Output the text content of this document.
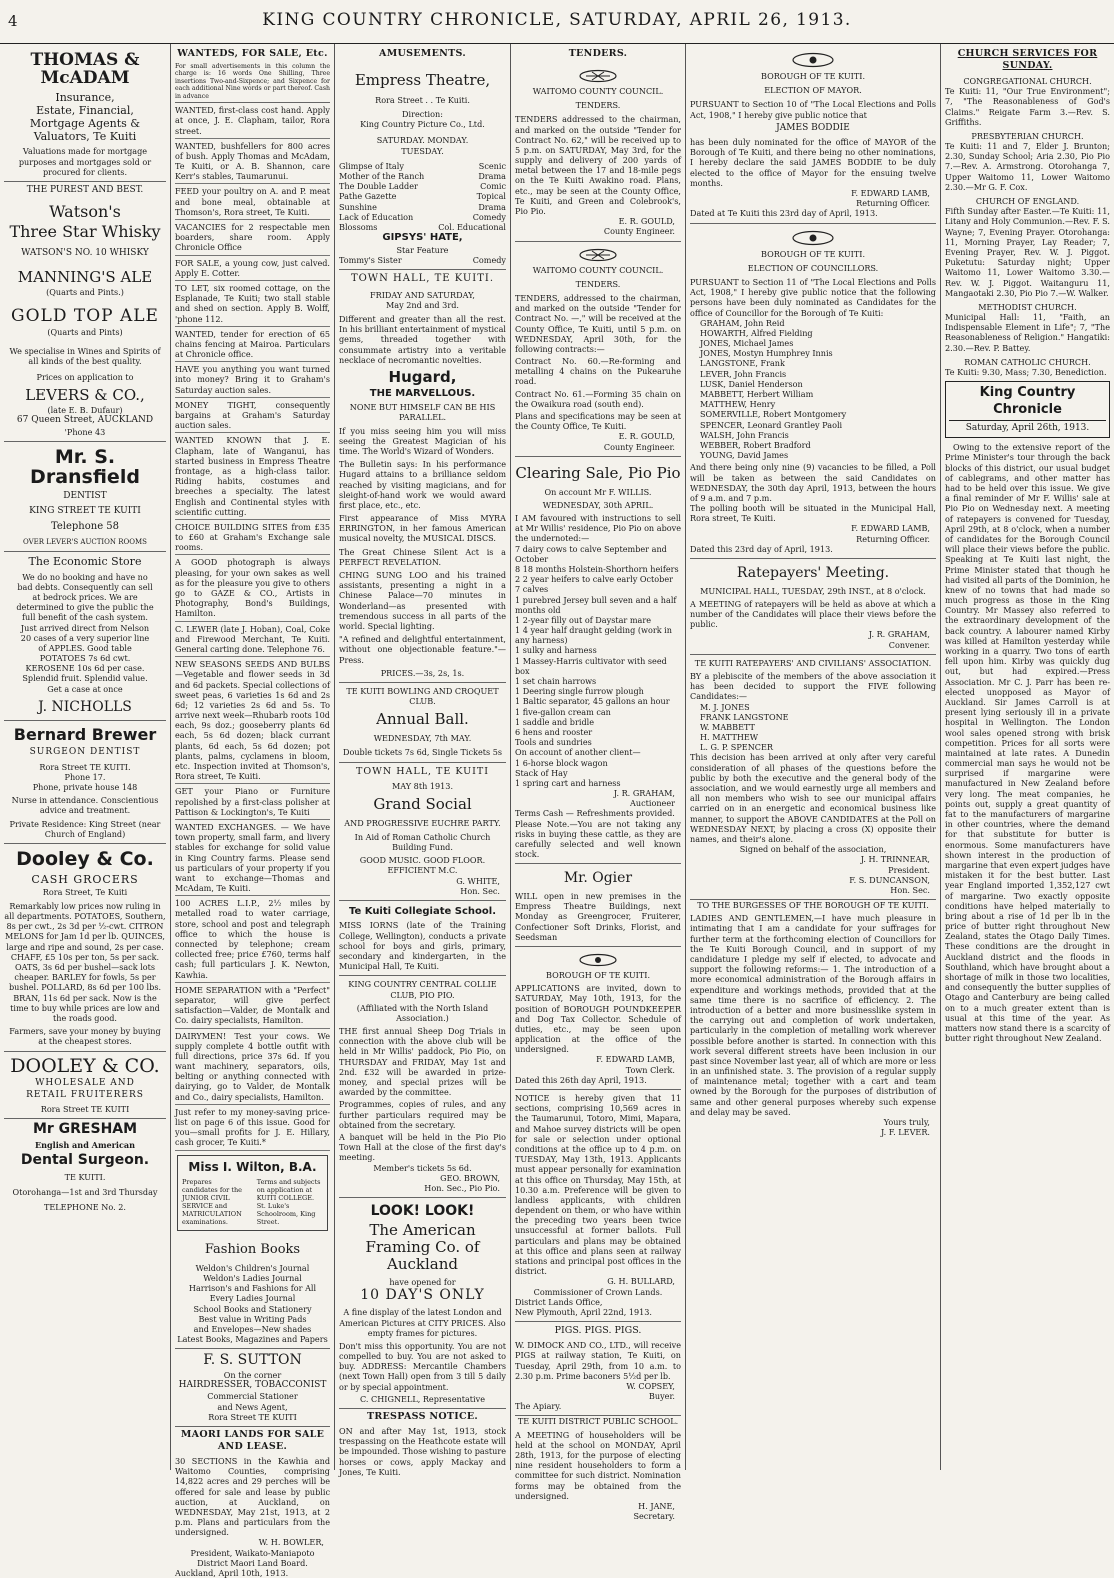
4	KING COUNTRY CHRONICLE, SATURDAY, APRIL 26, 1913.
THOMAS & McADAM
Insurance,
Estate, Financial,
Mortgage Agents &
Valuators, Te Kuiti
Valuations made for mortgage purposes and mortgages sold or procured for clients.
THE PUREST AND BEST.
Watson's
Three Star Whisky
WATSON'S NO. 10 WHISKY
MANNING'S ALE
(Quarts and Pints.)
GOLD TOP ALE
(Quarts and Pints)
We specialise in Wines and Spirits of all kinds of the best quality.
Prices on application to
LEVERS & CO.,
(late E. B. Dufaur)
67 Queen Street, AUCKLAND
'Phone 43
Mr. S. Dransfield
DENTIST
KING STREET TE KUITI
Telephone 58
OVER LEVER'S AUCTION ROOMS
The Economic Store
We do no booking and have no bad debts. Consequently can sell at bedrock prices. We are determined to give the public the full benefit of the cash system. Just arrived direct from Nelson 20 cases of a very superior line of APPLES. Good table POTATOES 7s 6d cwt. KEROSENE 10s 6d per case. Splendid fruit. Splendid value. Get a case at once
J. NICHOLLS
Bernard Brewer
SURGEON DENTIST
Rora Street TE KUITI.
Phone 17.
Phone, private house 148
Nurse in attendance. Conscientious advice and treatment.
Private Residence: King Street (near Church of England)
Dooley & Co.
CASH GROCERS
Rora Street, Te Kuiti
Remarkably low prices now ruling in all departments. POTATOES, Southern, 8s per cwt., 2s 3d per ½-cwt. CITRON MELONS for Jam 1d per lb. QUINCES, large and ripe and sound, 2s per case. CHAFF, £5 10s per ton, 5s per sack. OATS, 3s 6d per bushel—sack lots cheaper. BARLEY for fowls, 5s per bushel. POLLARD, 8s 6d per 100 lbs. BRAN, 11s 6d per sack. Now is the time to buy while prices are low and the roads good.
Farmers, save your money by buying at the cheapest stores.
DOOLEY & CO.
WHOLESALE AND
RETAIL FRUITERERS
Rora Street TE KUITI
Mr GRESHAM
English and American
Dental Surgeon.
TE KUITI.
Otorohanga—1st and 3rd Thursday
TELEPHONE No. 2.
WANTEDS, FOR SALE, Etc.
For small advertisements in this column the charge is: 16 words One Shilling, Three insertions Two-and-Sixpence; and Sixpence for each additional Nine words or part thereof. Cash in advance
WANTED, first-class cost hand. Apply at once, J. E. Clapham, tailor, Rora street.
WANTED, bushfellers for 800 acres of bush. Apply Thomas and McAdam, Te Kuiti, or A. B. Shannon, care Kerr's stables, Taumarunui.
FEED your poultry on A. and P. meat and bone meal, obtainable at Thomson's, Rora street, Te Kuiti.
VACANCIES for 2 respectable men boarders, share room. Apply Chronicle Office
FOR SALE, a young cow, just calved. Apply E. Cotter.
TO LET, six roomed cottage, on the Esplanade, Te Kuiti; two stall stable and shed on section. Apply B. Wolff, 'phone 112.
WANTED, tender for erection of 65 chains fencing at Mairoa. Particulars at Chronicle office.
HAVE you anything you want turned into money? Bring it to Graham's Saturday auction sales.
MONEY TIGHT, consequently bargains at Graham's Saturday auction sales.
WANTED KNOWN that J. E. Clapham, late of Wanganui, has started business in Empress Theatre frontage, as a high-class tailor. Riding habits, costumes and breeches a specialty. The latest English and Continental styles with scientific cutting.
CHOICE BUILDING SITES from £35 to £60 at Graham's Exchange sale rooms.
A GOOD photograph is always pleasing, for your own sakes as well as for the pleasure you give to others go to GAZE & CO., Artists in Photography, Bond's Buildings, Hamilton.
C. LEWER (late J. Hoban), Coal, Coke and Firewood Merchant, Te Kuiti. General carting done. Telephone 76.
NEW SEASONS SEEDS AND BULBS—Vegetable and flower seeds in 3d and 6d packets. Special collections of sweet peas, 6 varieties 1s 6d and 2s 6d; 12 varieties 2s 6d and 5s. To arrive next week—Rhubarb roots 10d each, 9s doz.; gooseberry plants 6d each, 5s 6d dozen; black currant plants, 6d each, 5s 6d dozen; pot plants, palms, cyclamens in bloom, etc. Inspection invited at Thomson's, Rora street, Te Kuiti.
GET your Piano or Furniture repolished by a first-class polisher at Pattison & Lockington's, Te Kuiti
WANTED EXCHANGES. — We have town property, small farm, and livery stables for exchange for solid value in King Country farms. Please send us particulars of your property if you want to exchange—Thomas and McAdam, Te Kuiti.
100 ACRES L.I.P., 2½ miles by metalled road to water carriage, store, school and post and telegraph office to which the house is connected by telephone; cream collected free; price £760, terms half cash; full particulars J. K. Newton, Kawhia.
HOME SEPARATION with a "Perfect" separator, will give perfect satisfaction—Valder, de Montalk and Co. dairy specialists, Hamilton.
DAIRYMEN! Test your cows. We supply complete 4 bottle outfit with full directions, price 37s 6d. If you want machinery, separators, oils, belting or anything connected with dairying, go to Valder, de Montalk and Co., dairy specialists, Hamilton.
Just refer to my money-saving price-list on page 6 of this issue. Good for you—small profits for J. E. Hillary, cash grocer, Te Kuiti.*
Miss I. Wilton, B.A.
Prepares candidates for the JUNIOR CIVIL SERVICE and MATRICULATION examinations.
Terms and subjects on application at KUITI COLLEGE. St. Luke's Schoolroom, King Street.
Fashion Books
Weldon's Children's Journal
Weldon's Ladies Journal
Harrison's and Fashions for All
Every Ladies Journal
School Books and Stationery
Best value in Writing Pads
and Envelopes—New shades
Latest Books, Magazines and Papers
F. S. SUTTON
On the corner
HAIRDRESSER, TOBACCONIST
Commercial Stationer
and News Agent,
Rora Street TE KUITI
MAORI LANDS FOR SALE AND LEASE.
30 SECTIONS in the Kawhia and Waitomo Counties, comprising 14,822 acres and 29 perches will be offered for sale and lease by public auction, at Auckland, on WEDNESDAY, May 21st, 1913, at 2 p.m. Plans and particulars from the undersigned.
W. H. BOWLER,
President, Waikato-Maniapoto District Maori Land Board.
Auckland, April 10th, 1913.
AMUSEMENTS.
Empress Theatre,
Rora Street . . Te Kuiti.
Direction:
King Country Picture Co., Ltd.
SATURDAY. MONDAY.
TUESDAY.
Glimpse of Italy	Scenic
Mother of the Ranch	Drama
The Double Ladder	Comic
Pathe Gazette	Topical
Sunshine	Drama
Lack of Education	Comedy
Blossoms	Col. Educational
GIPSYS' HATE,
Star Feature
Tommy's Sister	Comedy
TOWN HALL, TE KUITI.
FRIDAY AND SATURDAY,
May 2nd and 3rd.
Different and greater than all the rest. In his brilliant entertainment of mystical gems, threaded together with consummate artistry into a veritable necklace of necromantic novelties.
Hugard,
THE MARVELLOUS.
NONE BUT HIMSELF CAN BE HIS PARALLEL.
If you miss seeing him you will miss seeing the Greatest Magician of his time. The World's Wizard of Wonders.
The Bulletin says: In his performance Hugard attains to a brilliance seldom reached by visiting magicians, and for sleight-of-hand work we would award first place, etc., etc.
First appearance of Miss MYRA ERRINGTON, in her famous American musical novelty, the MUSICAL DISCS.
The Great Chinese Silent Act is a PERFECT REVELATION.
CHING SUNG LOO and his trained assistants, presenting a night in a Chinese Palace—70 minutes in Wonderland—as presented with tremendous success in all parts of the world. Special lighting.
"A refined and delightful entertainment, without one objectionable feature."—Press.
PRICES.—3s, 2s, 1s.
TE KUITI BOWLING AND CROQUET CLUB.
Annual Ball.
WEDNESDAY, 7th MAY.
Double tickets 7s 6d, Single Tickets 5s
TOWN HALL, TE KUITI
MAY 8th 1913.
Grand Social
AND PROGRESSIVE EUCHRE PARTY.
In Aid of Roman Catholic Church Building Fund.
GOOD MUSIC. GOOD FLOOR.
EFFICIENT M.C.
G. WHITE,
Hon. Sec.
Te Kuiti Collegiate School.
MISS IORNS (late of the Training College, Wellington), conducts a private school for boys and girls, primary, secondary and kindergarten, in the Municipal Hall, Te Kuiti.
KING COUNTRY CENTRAL COLLIE CLUB, PIO PIO.
(Affiliated with the North Island Association.)
THE first annual Sheep Dog Trials in connection with the above club will be held in Mr Willis' paddock, Pio Pio, on THURSDAY and FRIDAY, May 1st and 2nd. £32 will be awarded in prize-money, and special prizes will be awarded by the committee.
Programmes, copies of rules, and any further particulars required may be obtained from the secretary.
A banquet will be held in the Pio Pio Town Hall at the close of the first day's meeting.
Member's tickets 5s 6d.
GEO. BROWN,
Hon. Sec., Pio Pio.
LOOK! LOOK!
The American Framing Co. of Auckland
have opened for
10 DAY'S ONLY
A fine display of the latest London and American Pictures at CITY PRICES. Also empty frames for pictures.
Don't miss this opportunity. You are not compelled to buy. You are not asked to buy. ADDRESS: Mercantile Chambers (next Town Hall) open from 3 till 5 daily or by special appointment.
C. CHIGNELL, Representative
TRESPASS NOTICE.
ON and after May 1st, 1913, stock trespassing on the Heathcote estate will be impounded. Those wishing to pasture horses or cows, apply Mackay and Jones, Te Kuiti.
TENDERS.
WAITOMO COUNTY COUNCIL.
TENDERS.
TENDERS addressed to the chairman, and marked on the outside "Tender for Contract No. 62," will be received up to 5 p.m. on SATURDAY, May 3rd, for the supply and delivery of 200 yards of metal between the 17 and 18-mile pegs on the Te Kuiti Awakino road. Plans, etc., may be seen at the County Office, Te Kuiti, and Green and Colebrook's, Pio Pio.
E. R. GOULD,
County Engineer.
WAITOMO COUNTY COUNCIL.
TENDERS.
TENDERS, addressed to the chairman, and marked on the outside "Tender for Contract No. —," will be received at the County Office, Te Kuiti, until 5 p.m. on WEDNESDAY, April 30th, for the following contracts:—
Contract No. 60.—Re-forming and metalling 4 chains on the Pukearuhe road.
Contract No. 61.—Forming 35 chain on the Owaikura road (south end).
Plans and specifications may be seen at the County Office, Te Kuiti.
E. R. GOULD,
County Engineer.
Clearing Sale, Pio Pio
On account Mr F. WILLIS.
WEDNESDAY, 30th APRIL.
I AM favoured with instructions to sell at Mr Willis' residence, Pio Pio on above the undernoted:—
7 dairy cows to calve September and October
8 18 months Holstein-Shorthorn heifers
2 2 year heifers to calve early October
7 calves
1 purebred Jersey bull seven and a half months old
1 2-year filly out of Daystar mare
1 4 year half draught gelding (work in any harness)
1 sulky and harness
1 Massey-Harris cultivator with seed box
1 set chain harrows
1 Deering single furrow plough
1 Baltic separator, 45 gallons an hour
1 five-gallon cream can
1 saddle and bridle
6 hens and rooster
Tools and sundries
On account of another client—
1 6-horse block wagon
Stack of Hay
1 spring cart and harness
J. R. GRAHAM,
Auctioneer
Terms Cash — Refreshments provided.
Please Note.—You are not taking any risks in buying these cattle, as they are carefully selected and well known stock.
Mr. Ogier
WILL open in new premises in the Empress Theatre Buildings, next Monday as Greengrocer, Fruiterer, Confectioner Soft Drinks, Florist, and Seedsman
BOROUGH OF TE KUITI.
APPLICATIONS are invited, down to SATURDAY, May 10th, 1913, for the position of BOROUGH POUNDKEEPER and Dog Tax Collector. Schedule of duties, etc., may be seen upon application at the office of the undersigned.
F. EDWARD LAMB,
Town Clerk.
Dated this 26th day April, 1913.
NOTICE is hereby given that 11 sections, comprising 10,569 acres in the Taumarunui, Totoro, Mimi, Mapara, and Mahoe survey districts will be open for sale or selection under optional conditions at the office up to 4 p.m. on TUESDAY, May 13th, 1913. Applicants must appear personally for examination at this office on Thursday, May 15th, at 10.30 a.m. Preference will be given to landless applicants, with children dependent on them, or who have within the preceding two years been twice unsuccessful at former ballots. Full particulars and plans may be obtained at this office and plans seen at railway stations and principal post offices in the district.
G. H. BULLARD,
Commissioner of Crown Lands.
District Lands Office,
New Plymouth, April 22nd, 1913.
PIGS. PIGS. PIGS.
W. DIMOCK AND CO., LTD., will receive PIGS at railway station, Te Kuiti, on Tuesday, April 29th, from 10 a.m. to 2.30 p.m. Prime baconers 5½d per lb.
W. COPSEY,
Buyer.
The Apiary.
TE KUITI DISTRICT PUBLIC SCHOOL.
A MEETING of householders will be held at the school on MONDAY, April 28th, 1913, for the purpose of electing nine resident householders to form a committee for such district. Nomination forms may be obtained from the undersigned.
H. JANE,
Secretary.
BOROUGH OF TE KUITI.
ELECTION OF MAYOR.
PURSUANT to Section 10 of "The Local Elections and Polls Act, 1908," I hereby give public notice that
JAMES BODDIE
has been duly nominated for the office of MAYOR of the Borough of Te Kuiti, and there being no other nominations, I hereby declare the said JAMES BODDIE to be duly elected to the office of Mayor for the ensuing twelve months.
F. EDWARD LAMB,
Returning Officer.
Dated at Te Kuiti this 23rd day of April, 1913.
BOROUGH OF TE KUITI.
ELECTION OF COUNCILLORS.
PURSUANT to Section 11 of "The Local Elections and Polls Act, 1908," I hereby give public notice that the following persons have been duly nominated as Candidates for the office of Councillor for the Borough of Te Kuiti:
GRAHAM, John Reid
HOWARTH, Alfred Fielding
JONES, Michael James
JONES, Mostyn Humphrey Innis
LANGSTONE, Frank
LEVER, John Francis
LUSK, Daniel Henderson
MABBETT, Herbert William
MATTHEW, Henry
SOMERVILLE, Robert Montgomery
SPENCER, Leonard Grantley Paoli
WALSH, John Francis
WEBBER, Robert Bradford
YOUNG, David James
And there being only nine (9) vacancies to be filled, a Poll will be taken as between the said Candidates on WEDNESDAY, the 30th day April, 1913, between the hours of 9 a.m. and 7 p.m.
The polling booth will be situated in the Municipal Hall, Rora street, Te Kuiti.
F. EDWARD LAMB,
Returning Officer.
Dated this 23rd day of April, 1913.
Ratepayers' Meeting.
MUNICIPAL HALL, TUESDAY, 29th INST., at 8 o'clock.
A MEETING of ratepayers will be held as above at which a number of the Candidates will place their views before the public.
J. R. GRAHAM,
Convener.
TE KUITI RATEPAYERS' AND CIVILIANS' ASSOCIATION.
BY a plebiscite of the members of the above association it has been decided to support the FIVE following Candidates:—
M. J. JONES
FRANK LANGSTONE
W. MABBETT
H. MATTHEW
L. G. P. SPENCER
This decision has been arrived at only after very careful consideration of all phases of the questions before the public by both the executive and the general body of the association, and we would earnestly urge all members and all non members who wish to see our municipal affairs carried on in an energetic and economical business like manner, to support the ABOVE CANDIDATES at the Poll on WEDNESDAY NEXT, by placing a cross (X) opposite their names, and their's alone.
Signed on behalf of the association,
J. H. TRINNEAR,
President.
F. S. DUNCANSON,
Hon. Sec.
TO THE BURGESSES OF THE BOROUGH OF TE KUITI.
LADIES AND GENTLEMEN,—I have much pleasure in intimating that I am a candidate for your suffrages for further term at the forthcoming election of Councillors for the Te Kuiti Borough Council, and in support of my candidature I pledge my self if elected, to advocate and support the following reforms:— 1. The introduction of a more economical administration of the Borough affairs in expenditure and workings methods, provided that at the same time there is no sacrifice of efficiency. 2. The introduction of a better and more businesslike system in the carrying out and completion of work undertaken, particularly in the completion of metalling work wherever possible before another is started. In connection with this work several different streets have been inclusion in our past since November last year, all of which are more or less in an unfinished state. 3. The provision of a regular supply of maintenance metal; together with a cart and team owned by the Borough for the purposes of distribution of same and other general purposes whereby such expense and delay may be saved.
Yours truly,
J. F. LEVER.
CHURCH SERVICES FOR SUNDAY.
CONGREGATIONAL CHURCH.
Te Kuiti: 11, "Our True Environment"; 7, "The Reasonableness of God's Claims." Reigate Farm 3.—Rev. S. Griffiths.
PRESBYTERIAN CHURCH.
Te Kuiti: 11 and 7, Elder J. Brunton; 2.30, Sunday School; Aria 2.30, Pio Pio 7.—Rev. A. Armstrong. Otorohanga 7, Upper Waitomo 11, Lower Waitomo 2.30.—Mr G. F. Cox.
CHURCH OF ENGLAND.
Fifth Sunday after Easter.—Te Kuiti: 11, Litany and Holy Communion.—Rev. F. S. Wayne; 7, Evening Prayer. Otorohanga: 11, Morning Prayer, Lay Reader; 7, Evening Prayer, Rev. W. J. Piggot. Puketutu: Saturday night; Upper Waitomo 11, Lower Waitomo 3.30.—Rev. W. J. Piggot. Waitanguru 11, Mangaotaki 2.30, Pio Pio 7.—W. Walker.
METHODIST CHURCH.
Municipal Hall: 11, "Faith, an Indispensable Element in Life"; 7, "The Reasonableness of Religion." Hangatiki: 2.30.—Rev. P. Battey.
ROMAN CATHOLIC CHURCH.
Te Kuiti: 9.30, Mass; 7.30, Benediction.
King Country Chronicle
Saturday, April 26th, 1913.
Owing to the extensive report of the Prime Minister's tour through the back blocks of this district, our usual budget of cablegrams, and other matter has had to be held over this issue. We give a final reminder of Mr F. Willis' sale at Pio Pio on Wednesday next. A meeting of ratepayers is convened for Tuesday, April 29th, at 8 o'clock, when a number of candidates for the Borough Council will place their views before the public. Speaking at Te Kuiti last night, the Prime Minister stated that though he had visited all parts of the Dominion, he knew of no towns that had made so much progress as those in the King Country. Mr Massey also referred to the extraordinary development of the back country. A labourer named Kirby was killed at Hamilton yesterday while working in a quarry. Two tons of earth fell upon him. Kirby was quickly dug out, but had expired.—Press Association. Mr C. J. Parr has been re-elected unopposed as Mayor of Auckland. Sir James Carroll is at present lying seriously ill in a private hospital in Wellington. The London wool sales opened strong with brisk competition. Prices for all sorts were maintained at late rates. A Dunedin commercial man says he would not be surprised if margarine were manufactured in New Zealand before very long. The meat companies, he points out, supply a great quantity of fat to the manufacturers of margarine in other countries, where the demand for that substitute for butter is enormous. Some manufacturers have shown interest in the production of margarine that even expert judges have mistaken it for the best butter. Last year England imported 1,352,127 cwt of margarine. Two exactly opposite conditions have helped materially to bring about a rise of 1d per lb in the price of butter right throughout New Zealand, states the Otago Daily Times. These conditions are the drought in Auckland district and the floods in Southland, which have brought about a shortage of milk in those two localities, and consequently the butter supplies of Otago and Canterbury are being called on to a much greater extent than is usual at this time of the year. As matters now stand there is a scarcity of butter right throughout New Zealand.
